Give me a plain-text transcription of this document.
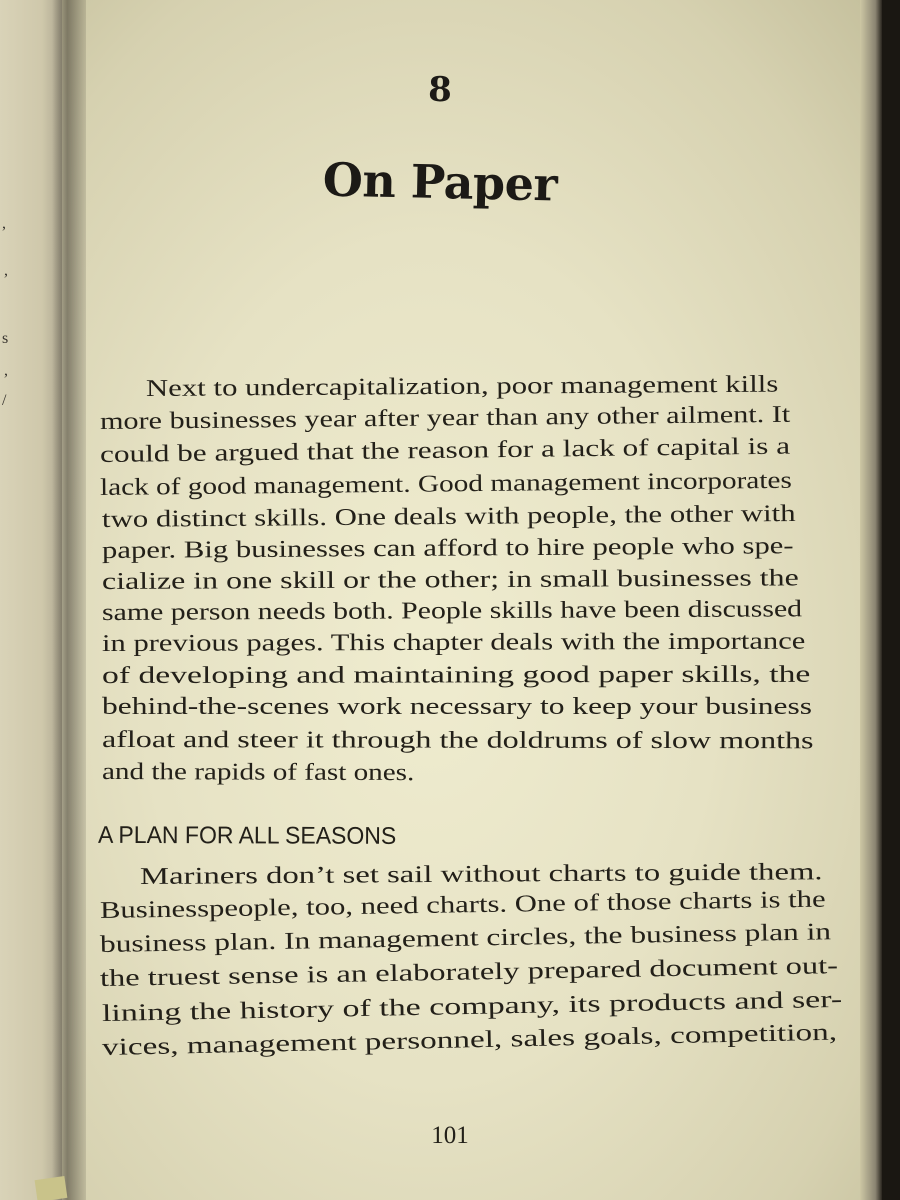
,
,
s
,
/
8
On Paper
Next to undercapitalization, poor management kills
more businesses year after year than any other ailment. It
could be argued that the reason for a lack of capital is a
lack of good management. Good management incorporates
two distinct skills. One deals with people, the other with
paper. Big businesses can afford to hire people who spe-
cialize in one skill or the other; in small businesses the
same person needs both. People skills have been discussed
in previous pages. This chapter deals with the importance
of developing and maintaining good paper skills, the
behind-the-scenes work necessary to keep your business
afloat and steer it through the doldrums of slow months
and the rapids of fast ones.
A PLAN FOR ALL SEASONS
Mariners don’t set sail without charts to guide them.
Businesspeople, too, need charts. One of those charts is the
business plan. In management circles, the business plan in
the truest sense is an elaborately prepared document out-
lining the history of the company, its products and ser-
vices, management personnel, sales goals, competition,
101
